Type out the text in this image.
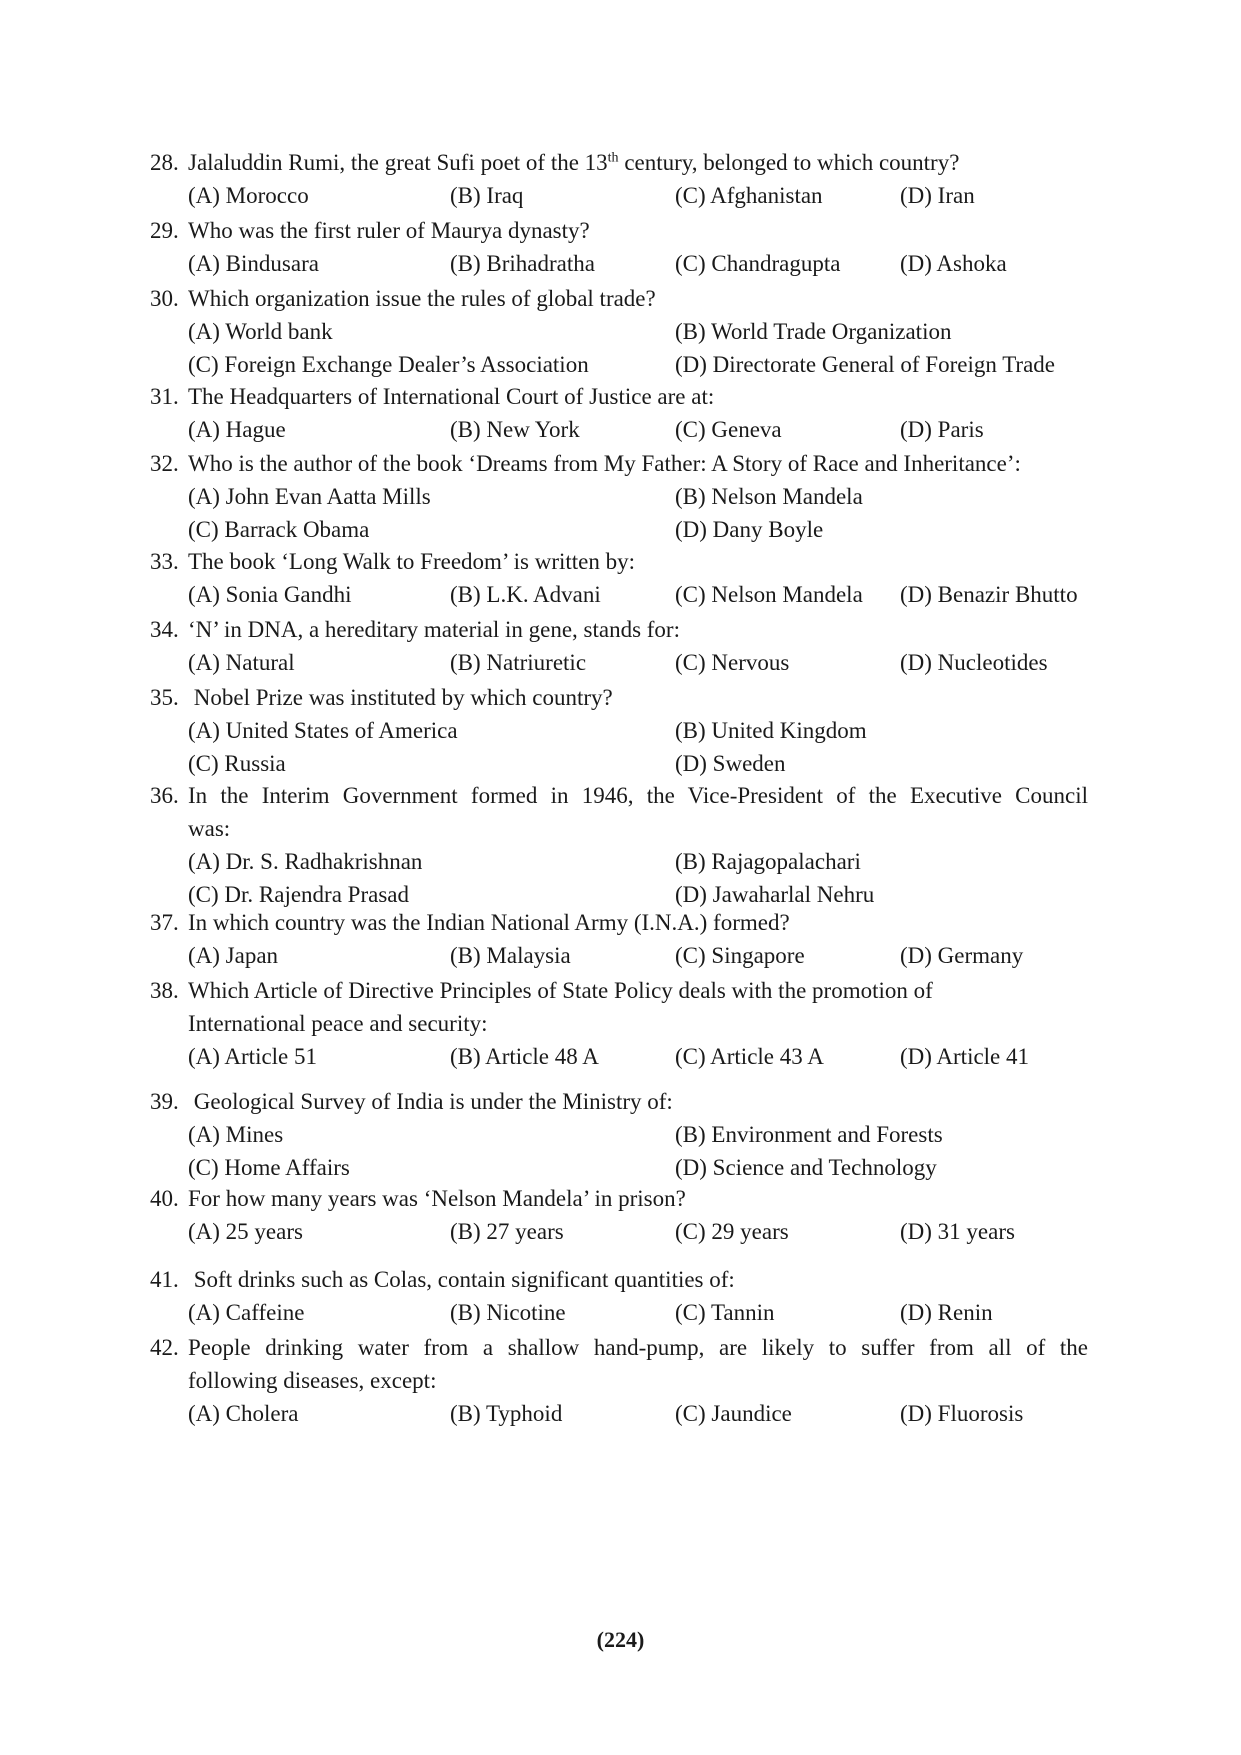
28. Jalaluddin Rumi, the great Sufi poet of the 13th century, belonged to which country?
(A) Morocco	(B) Iraq	(C) Afghanistan	(D) Iran
29. Who was the first ruler of Maurya dynasty?
(A) Bindusara	(B) Brihadratha	(C) Chandragupta	(D) Ashoka
30. Which organization issue the rules of global trade?
(A) World bank	(B) World Trade Organization
(C) Foreign Exchange Dealer’s Association	(D) Directorate General of Foreign Trade
31. The Headquarters of International Court of Justice are at:
(A) Hague	(B) New York	(C) Geneva	(D) Paris
32. Who is the author of the book ‘Dreams from My Father: A Story of Race and Inheritance’:
(A) John Evan Aatta Mills	(B) Nelson Mandela
(C) Barrack Obama	(D) Dany Boyle
33. The book ‘Long Walk to Freedom’ is written by:
(A) Sonia Gandhi	(B) L.K. Advani	(C) Nelson Mandela (D) Benazir Bhutto
34. ‘N’ in DNA, a hereditary material in gene, stands for:
(A) Natural	(B) Natriuretic	(C) Nervous	(D) Nucleotides
35. Nobel Prize was instituted by which country?
(A) United States of America	(B) United Kingdom
(C) Russia	(D) Sweden
36. In the Interim Government formed in 1946, the Vice-President of the Executive Council
was:
(A) Dr. S. Radhakrishnan	(B) Rajagopalachari
(C) Dr. Rajendra Prasad	(D) Jawaharlal Nehru
37. In which country was the Indian National Army (I.N.A.) formed?
(A) Japan	(B) Malaysia	(C) Singapore	(D) Germany
38. Which Article of Directive Principles of State Policy deals with the promotion of
International peace and security:
(A) Article 51	(B) Article 48 A	(C) Article 43 A	(D) Article 41
39. Geological Survey of India is under the Ministry of:
(A) Mines	(B) Environment and Forests
(C) Home Affairs	(D) Science and Technology
40. For how many years was ‘Nelson Mandela’ in prison?
(A) 25 years	(B) 27 years	(C) 29 years	(D) 31 years
41. Soft drinks such as Colas, contain significant quantities of:
(A) Caffeine	(B) Nicotine	(C) Tannin	(D) Renin
42.People drinking water from a shallow hand-pump, are likely to suffer from all of the
following diseases, except:
(A) Cholera	(B) Typhoid	(C) Jaundice	(D) Fluorosis
(224)
